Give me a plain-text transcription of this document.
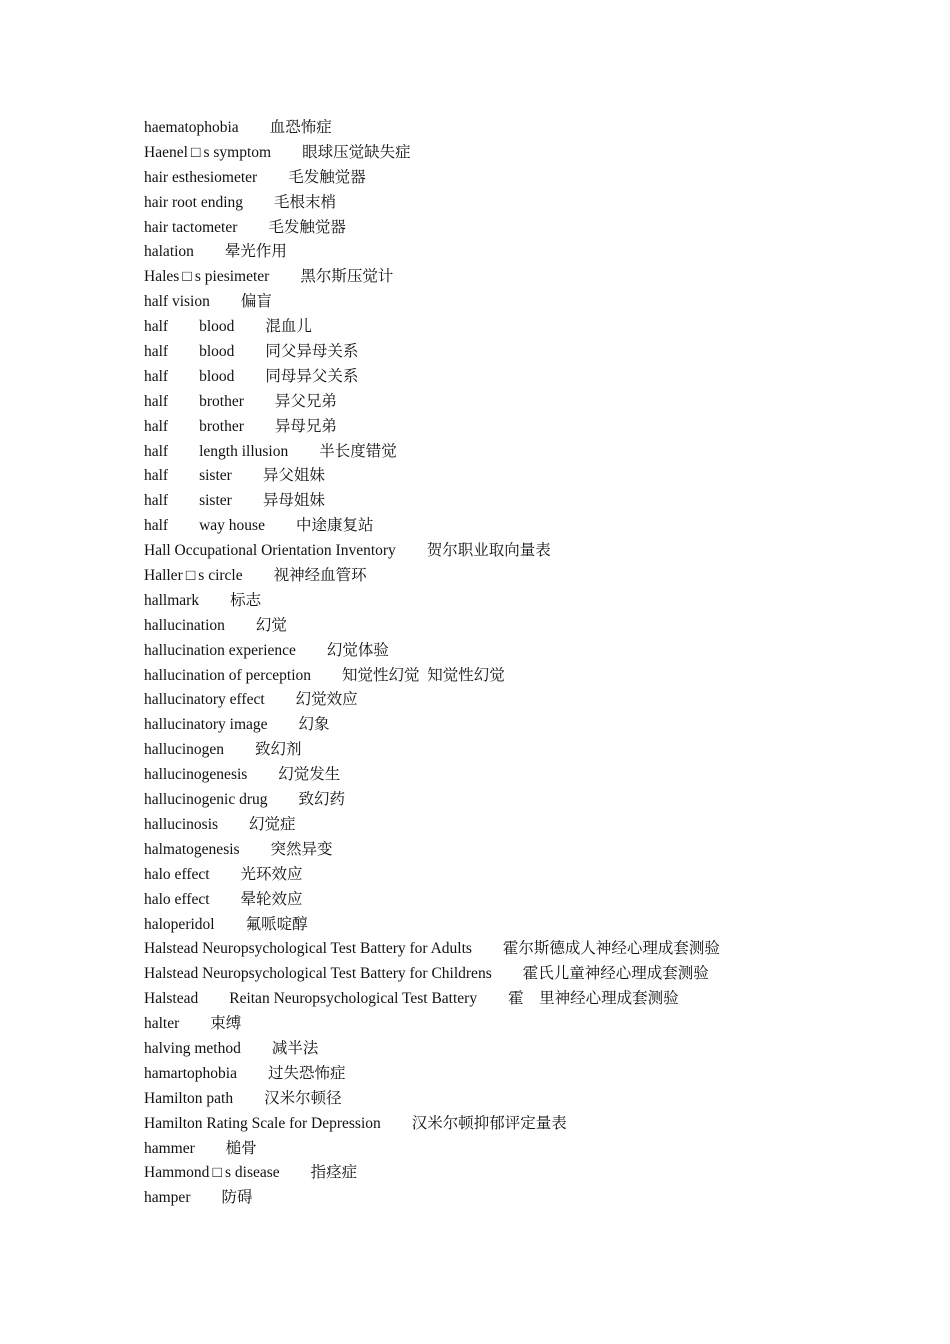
haematophobia　　血恐怖症
Haenel □ s symptom　　眼球压觉缺失症
hair esthesiometer　　毛发触觉器
hair root ending　　毛根末梢
hair tactometer　　毛发触觉器
halation　　晕光作用
Hales □ s piesimeter　　黑尔斯压觉计
half vision　　偏盲
half　　blood　　混血儿
half　　blood　　同父异母关系
half　　blood　　同母异父关系
half　　brother　　异父兄弟
half　　brother　　异母兄弟
half　　length illusion　　半长度错觉
half　　sister　　异父姐妹
half　　sister　　异母姐妹
half　　way house　　中途康复站
Hall Occupational Orientation Inventory　　贺尔职业取向量表
Haller □ s circle　　视神经血管环
hallmark　　标志
hallucination　　幻觉
hallucination experience　　幻觉体验
hallucination of perception　　知觉性幻觉  知觉性幻觉
hallucinatory effect　　幻觉效应
hallucinatory image　　幻象
hallucinogen　　致幻剂
hallucinogenesis　　幻觉发生
hallucinogenic drug　　致幻药
hallucinosis　　幻觉症
halmatogenesis　　突然异变
halo effect　　光环效应
halo effect　　晕轮效应
haloperidol　　氟哌啶醇
Halstead Neuropsychological Test Battery for Adults　　霍尔斯德成人神经心理成套测验
Halstead Neuropsychological Test Battery for Childrens　　霍氏儿童神经心理成套测验
Halstead　　Reitan Neuropsychological Test Battery　　霍　里神经心理成套测验
halter　　束缚
halving method　　减半法
hamartophobia　　过失恐怖症
Hamilton path　　汉米尔顿径
Hamilton Rating Scale for Depression　　汉米尔顿抑郁评定量表
hammer　　槌骨
Hammond □ s disease　　指痉症
hamper　　防碍
